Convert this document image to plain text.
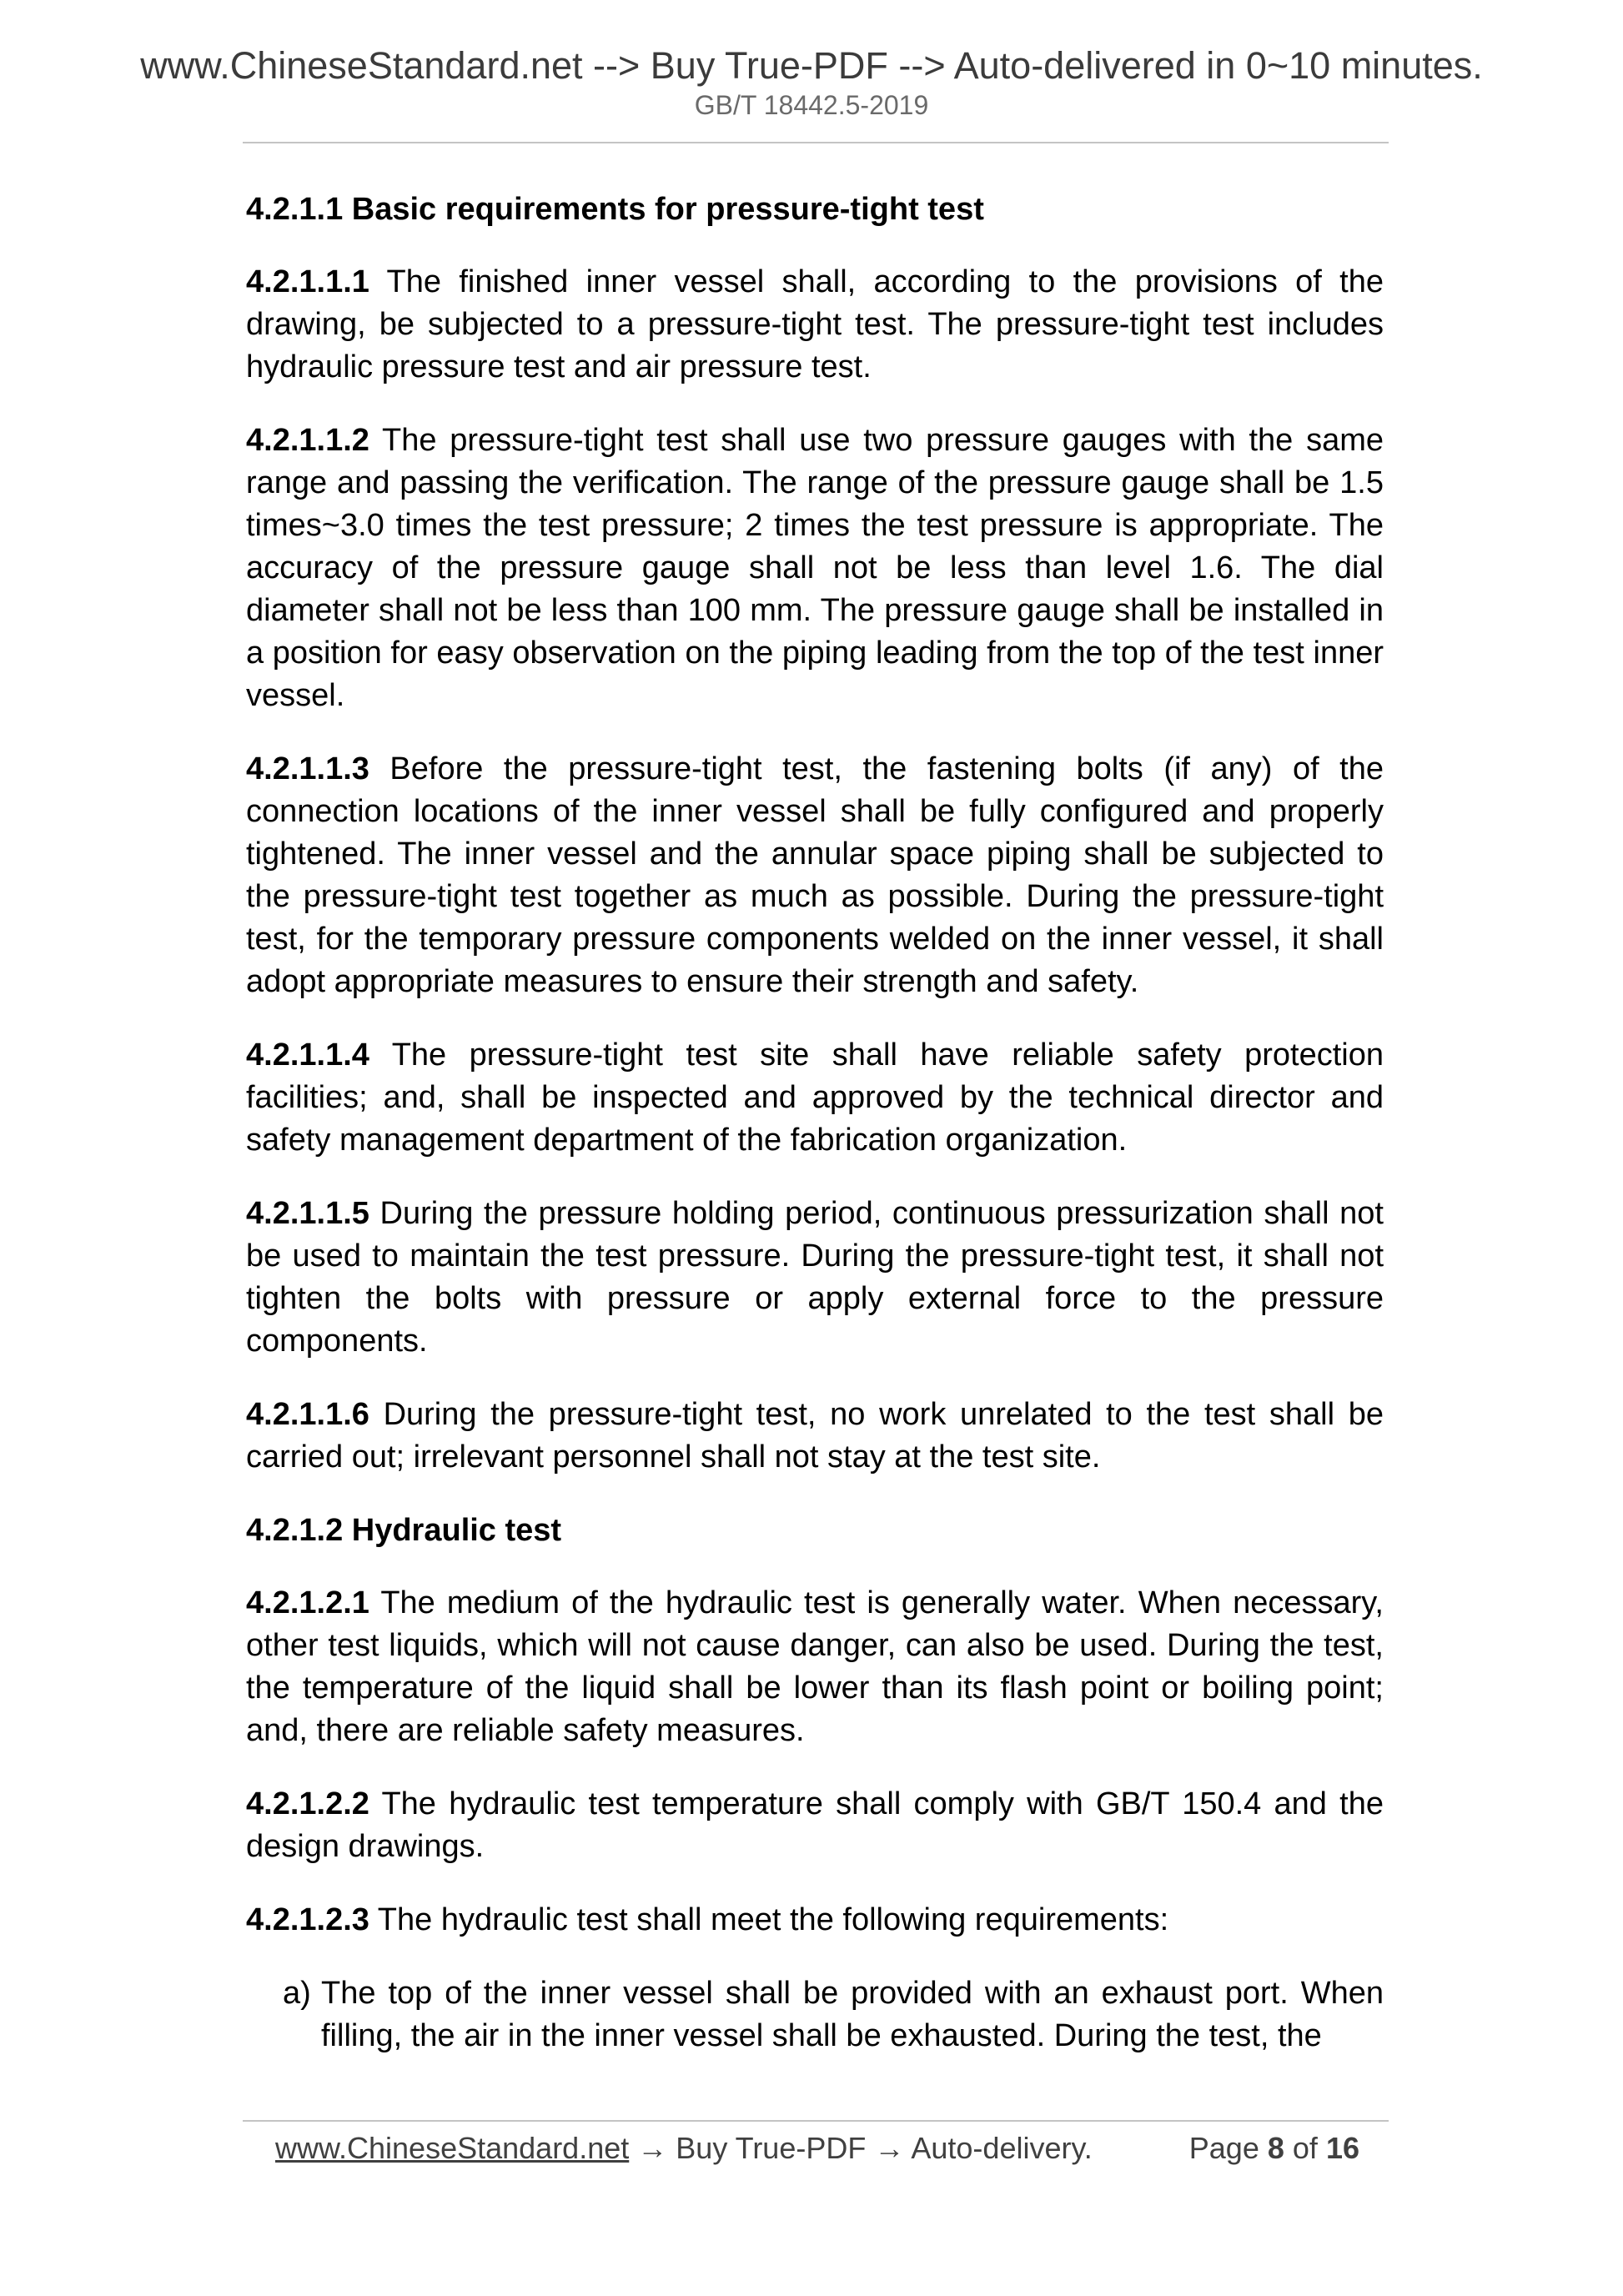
www.ChineseStandard.net --> Buy True-PDF --> Auto-delivered in 0~10 minutes.
GB/T 18442.5-2019

4.2.1.1 Basic requirements for pressure-tight test

4.2.1.1.1 The finished inner vessel shall, according to the provisions of the drawing, be subjected to a pressure-tight test. The pressure-tight test includes hydraulic pressure test and air pressure test.

4.2.1.1.2 The pressure-tight test shall use two pressure gauges with the same range and passing the verification. The range of the pressure gauge shall be 1.5 times~3.0 times the test pressure; 2 times the test pressure is appropriate. The accuracy of the pressure gauge shall not be less than level 1.6. The dial diameter shall not be less than 100 mm. The pressure gauge shall be installed in a position for easy observation on the piping leading from the top of the test inner vessel.

4.2.1.1.3 Before the pressure-tight test, the fastening bolts (if any) of the connection locations of the inner vessel shall be fully configured and properly tightened. The inner vessel and the annular space piping shall be subjected to the pressure-tight test together as much as possible. During the pressure-tight test, for the temporary pressure components welded on the inner vessel, it shall adopt appropriate measures to ensure their strength and safety.

4.2.1.1.4 The pressure-tight test site shall have reliable safety protection facilities; and, shall be inspected and approved by the technical director and safety management department of the fabrication organization.

4.2.1.1.5 During the pressure holding period, continuous pressurization shall not be used to maintain the test pressure. During the pressure-tight test, it shall not tighten the bolts with pressure or apply external force to the pressure components.

4.2.1.1.6 During the pressure-tight test, no work unrelated to the test shall be carried out; irrelevant personnel shall not stay at the test site.

4.2.1.2 Hydraulic test

4.2.1.2.1 The medium of the hydraulic test is generally water. When necessary, other test liquids, which will not cause danger, can also be used. During the test, the temperature of the liquid shall be lower than its flash point or boiling point; and, there are reliable safety measures.

4.2.1.2.2 The hydraulic test temperature shall comply with GB/T 150.4 and the design drawings.

4.2.1.2.3 The hydraulic test shall meet the following requirements:

a) The top of the inner vessel shall be provided with an exhaust port. When filling, the air in the inner vessel shall be exhausted. During the test, the

www.ChineseStandard.net → Buy True-PDF → Auto-delivery.	Page 8 of 16
